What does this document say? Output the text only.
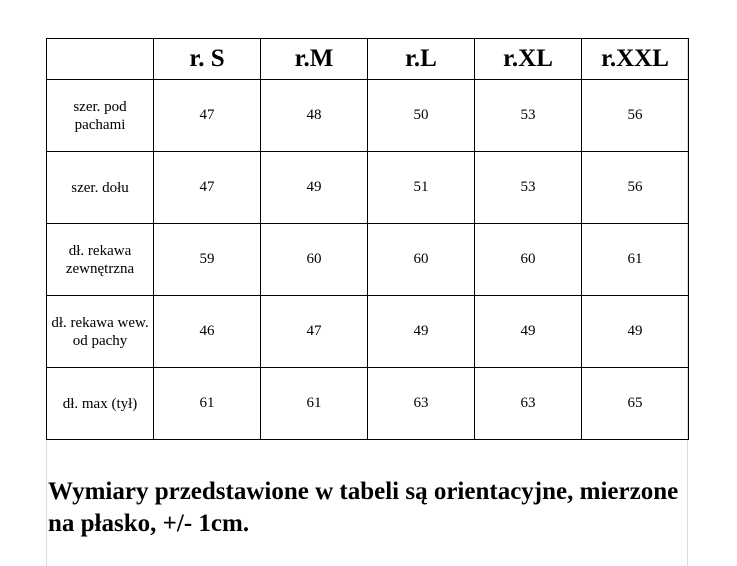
	r. S	r.M	r.L	r.XL	r.XXL
szer. pod pachami	47	48	50	53	56
szer. dołu	47	49	51	53	56
dł. rekawa zewnętrzna	59	60	60	60	61
dł. rekawa wew. od pachy	46	47	49	49	49
dł. max (tył)	61	61	63	63	65

Wymiary przedstawione w tabeli są orientacyjne, mierzone na płasko, +/- 1cm.
